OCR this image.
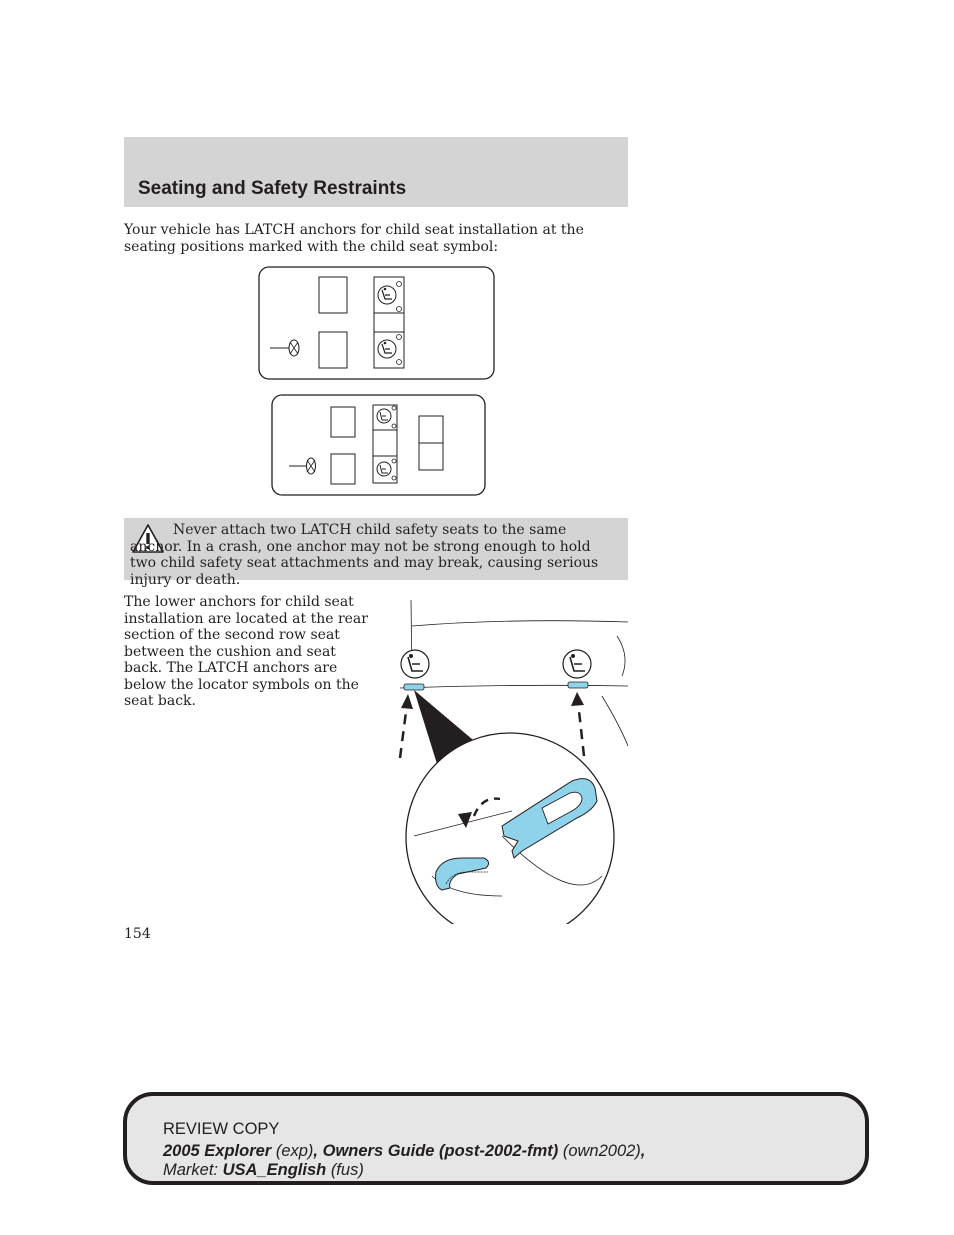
Seating and Safety Restraints

Your vehicle has LATCH anchors for child seat installation at the seating positions marked with the child seat symbol:

Never attach two LATCH child safety seats to the same anchor. In a crash, one anchor may not be strong enough to hold two child safety seat attachments and may break, causing serious injury or death.

The lower anchors for child seat installation are located at the rear section of the second row seat between the cushion and seat back. The LATCH anchors are below the locator symbols on the seat back.

154

REVIEW COPY

2005 Explorer (exp), Owners Guide (post-2002-fmt) (own2002),

Market: USA_English (fus)
